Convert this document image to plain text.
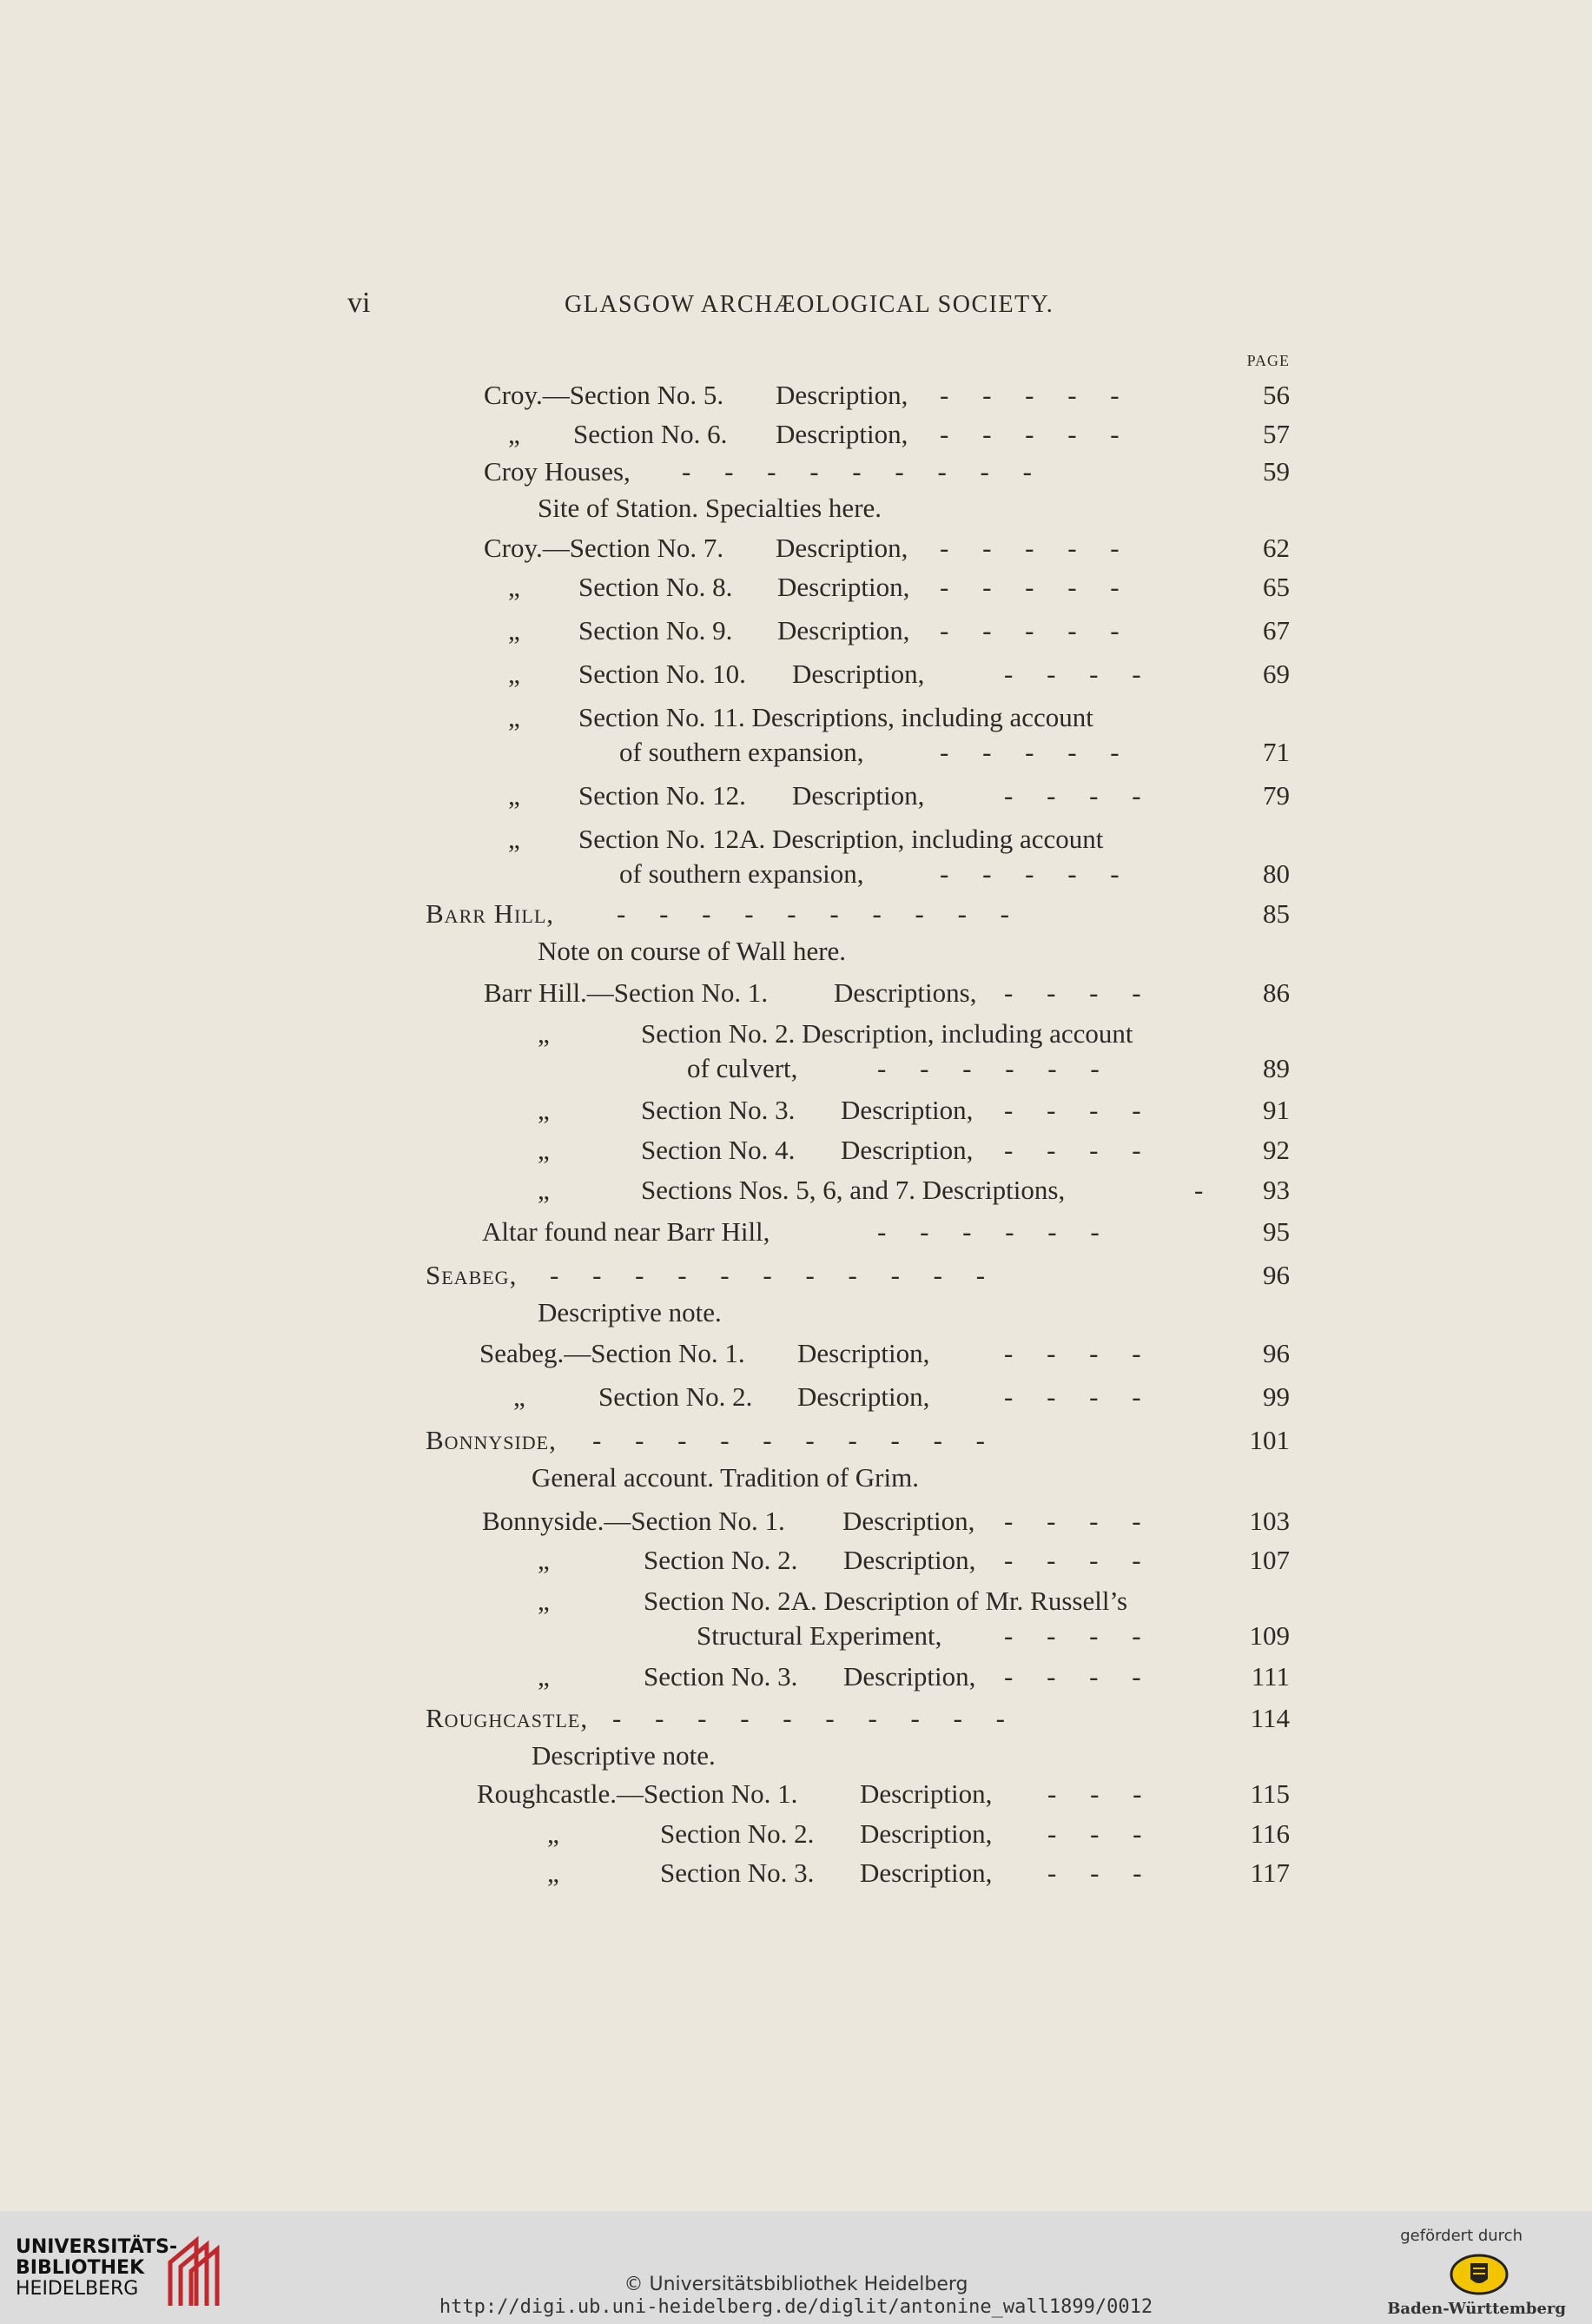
vi	GLASGOW ARCHÆOLOGICAL SOCIETY.
PAGE
Croy.—Section No. 5. Description, -     -     -     -     -	56
„ Section No. 6. Description, -     -     -     -     -	57
Croy Houses, -     -     -     -     -     -     -     -     -	59
Site of Station. Specialties here.
Croy.—Section No. 7. Description, -     -     -     -     -	62
„ Section No. 8. Description, -     -     -     -     -	65
„ Section No. 9. Description, -     -     -     -     -	67
„ Section No. 10. Description,	-     -     -     -	69
„ Section No. 11. Descriptions, including account
of southern expansion,	-     -     -     -     -	71
„ Section No. 12. Description,	-     -     -     -	79
„ Section No. 12A. Description, including account
of southern expansion,	-     -     -     -     -	80
Barr Hill, -     -     -     -     -     -     -     -     -     -	85
Note on course of Wall here.
Barr Hill.—Section No. 1. Descriptions, -     -     -     -	86
„	Section No. 2. Description, including account
of culvert,	-     -     -     -     -     -	89
„	Section No. 3. Description, -     -     -     -	91
„	Section No. 4. Description, -     -     -     -	92
„	Sections Nos. 5, 6, and 7. Descriptions,	-	93
Altar found near Barr Hill,	-     -     -     -     -     -	95
Seabeg, -     -     -     -     -     -     -     -     -     -     -	96
Descriptive note.
Seabeg.—Section No. 1. Description,	-     -     -     -	96
„	Section No. 2. Description,	-     -     -     -	99
Bonnyside, -     -     -     -     -     -     -     -     -     -	101
General account. Tradition of Grim.
Bonnyside.—Section No. 1. Description, -     -     -     -	103
„	Section No. 2. Description, -     -     -     -	107
„	Section No. 2A. Description of Mr. Russell’s
Structural Experiment, -     -     -     -	109
„	Section No. 3. Description, -     -     -     -	111
Roughcastle, -     -     -     -     -     -     -     -     -     -	114
Descriptive note.
Roughcastle.—Section No. 1. Description, -     -     -	115
„	Section No. 2. Description, -     -     -	116
„	Section No. 3. Description, -     -     -	117
UNIVERSITÄTS-
BIBLIOTHEK
HEIDELBERG	© Universitätsbibliothek Heidelberg
http://digi.ub.uni-heidelberg.de/diglit/antonine_wall1899/0012
gefördert durch
Baden-Württemberg
